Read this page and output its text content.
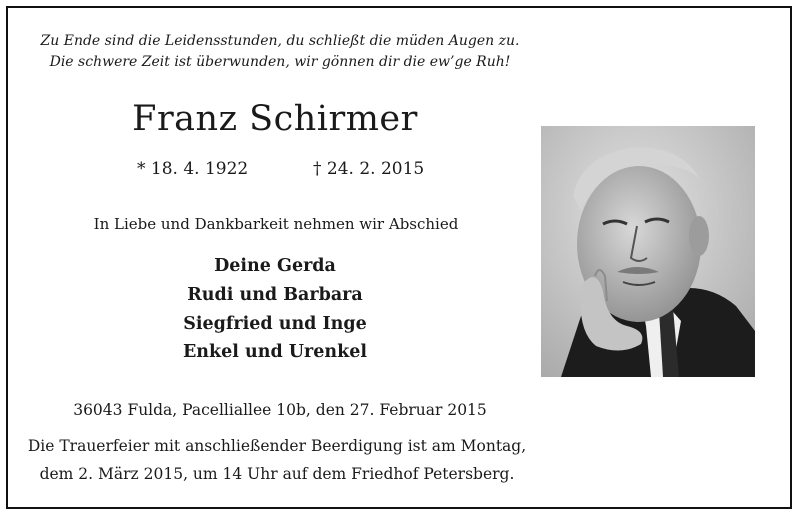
Zu Ende sind die Leidensstunden, du schließt die müden Augen zu.
Die schwere Zeit ist überwunden, wir gönnen dir die ew’ge Ruh!
Franz Schirmer
* 18. 4. 1922	† 24. 2. 2015
In Liebe und Dankbarkeit nehmen wir Abschied
Deine Gerda
Rudi und Barbara
Siegfried und Inge
Enkel und Urenkel
36043 Fulda, Pacelliallee 10b, den 27. Februar 2015
Die Trauerfeier mit anschließender Beerdigung ist am Montag,
dem 2. März 2015, um 14 Uhr auf dem Friedhof Petersberg.
